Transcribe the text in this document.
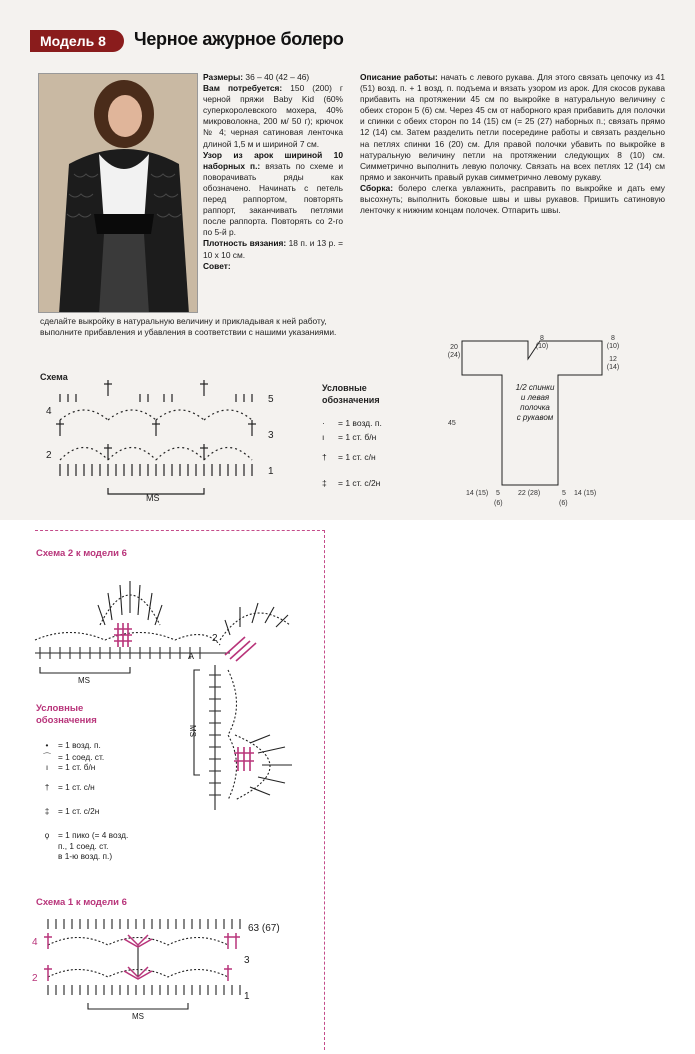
Модель 8	Черное ажурное болеро

Размеры: 36 – 40 (42 – 46)

Вам потребуется: 150 (200) г черной пряжи Baby Kid (60% суперкоролевского мохера, 40% микроволокна, 200 м/ 50 г); крючок № 4; черная сатиновая ленточка длиной 1,5 м и шириной 7 см.

Узор из арок шириной 10 наборных п.: вязать по схеме и поворачивать ряды как обозначено. Начинать с петель перед раппортом, повторять раппорт, заканчивать петлями после раппорта. Повторять со 2-го по 5-й р.

Плотность вязания: 18 п. и 13 р. = 10 х 10 см.

Совет:

сделайте выкройку в натуральную величину и прикладывая к ней работу, выполните прибавления и убавления в соответствии с нашими указаниями.

Описание работы: начать с левого рукава. Для этого связать цепочку из 41 (51) возд. п. + 1 возд. п. подъема и вязать узором из арок. Для скосов рукава прибавить на протяжении 45 см по выкройке в натуральную величину с обеих сторон 5 (6) см. Через 45 см от наборного края прибавить для полочки и спинки с обеих сторон по 14 (15) см (= 25 (27) наборных п.; связать прямо 12 (14) см. Затем разделить петли посередине работы и связать раздельно на петлях спинки 16 (20) см. Для правой полочки убавить по выкройке в натуральную величину петли на протяжении следующих 8 (10) см. Симметрично выполнить левую полочку. Связать на всех петлях 12 (14) см прямо и закончить правый рукав симметрично левому рукаву.

Сборка: болеро слегка увлажнить, расправить по выкройке и дать ему высохнуть; выполнить боковые швы и швы рукавов. Пришить сатиновую ленточку к нижним концам полочек. Отпарить швы.

Схема
4
2
5
3
1
MS
Условные
обозначения
· = 1 возд. п.
ı = 1 ст. б/н
† = 1 ст. с/н
‡ = 1 ст. с/2н
20
(24)
8
(10)
8
(10)
12
(14)
45
1/2 спинки
и левая
полочка
с рукавом
14 (15) 5
(6)
22 (28)	5
(6)
14 (15)
Схема 2 к модели 6
A
2
MS
MS
Условные
обозначения
• = 1 возд. п.
⌒ = 1 соед. ст.
ı = 1 ст. б/н
† = 1 ст. с/н
‡ = 1 ст. с/2н
ϙ = 1 пико (= 4 возд.
п., 1 соед. ст.
в 1-ю возд. п.)
Схема 1 к модели 6
4
2
3
1
63 (67)
MS
